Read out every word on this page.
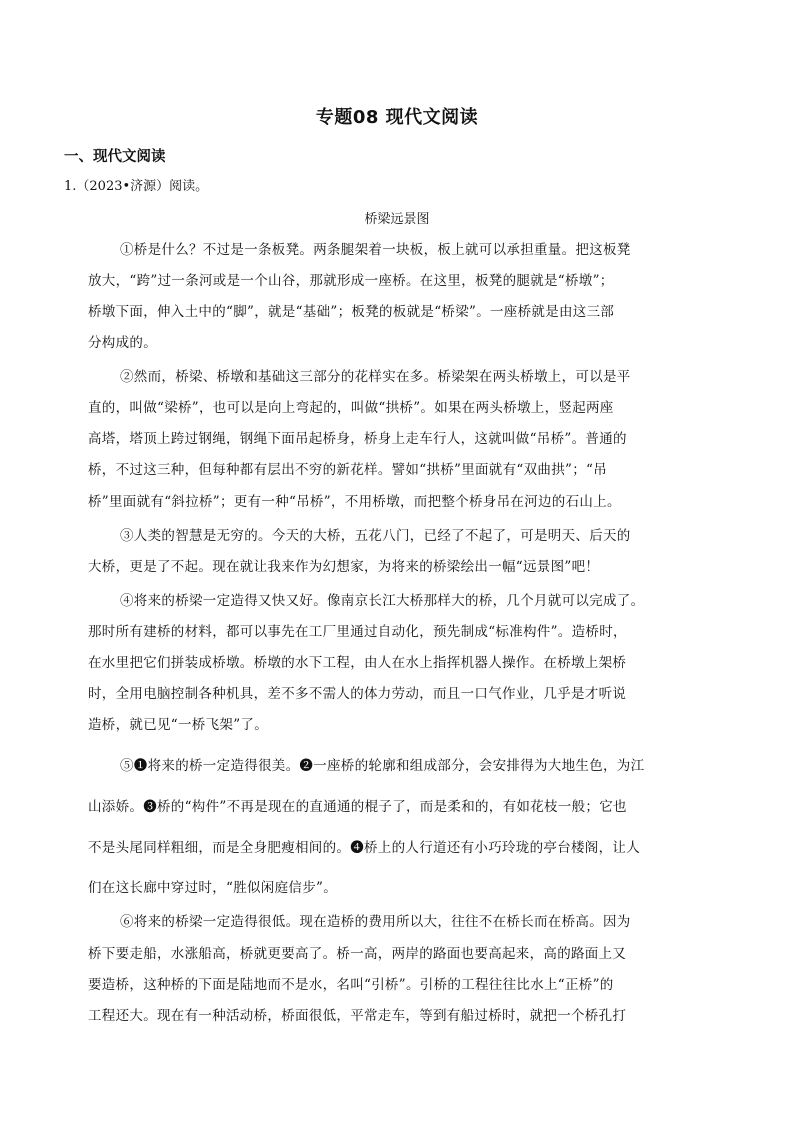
专题08 现代文阅读
一、现代文阅读
1.（2023•济源）阅读。
桥梁远景图
①桥是什么？不过是一条板凳。两条腿架着一块板，板上就可以承担重量。把这板凳
放大，“跨”过一条河或是一个山谷，那就形成一座桥。在这里，板凳的腿就是“桥墩”；
桥墩下面，伸入土中的“脚”，就是“基础”；板凳的板就是“桥梁”。一座桥就是由这三部
分构成的。
②然而，桥梁、桥墩和基础这三部分的花样实在多。桥梁架在两头桥墩上，可以是平
直的，叫做“梁桥”，也可以是向上弯起的，叫做“拱桥”。如果在两头桥墩上，竖起两座
高塔，塔顶上跨过钢绳，钢绳下面吊起桥身，桥身上走车行人，这就叫做“吊桥”。普通的
桥，不过这三种，但每种都有层出不穷的新花样。譬如“拱桥”里面就有“双曲拱”；“吊
桥”里面就有“斜拉桥”；更有一种“吊桥”，不用桥墩，而把整个桥身吊在河边的石山上。
③人类的智慧是无穷的。今天的大桥，五花八门，已经了不起了，可是明天、后天的
大桥，更是了不起。现在就让我来作为幻想家，为将来的桥梁绘出一幅“远景图”吧！
④将来的桥梁一定造得又快又好。像南京长江大桥那样大的桥，几个月就可以完成了。
那时所有建桥的材料，都可以事先在工厂里通过自动化，预先制成“标准构件”。造桥时，
在水里把它们拼装成桥墩。桥墩的水下工程，由人在水上指挥机器人操作。在桥墩上架桥
时，全用电脑控制各种机具，差不多不需人的体力劳动，而且一口气作业，几乎是才听说
造桥，就已见“一桥飞架”了。
⑤❶将来的桥一定造得很美。❷一座桥的轮廓和组成部分，会安排得为大地生色，为江
山添娇。❸桥的“构件”不再是现在的直通通的棍子了，而是柔和的，有如花枝一般；它也
不是头尾同样粗细，而是全身肥瘦相间的。❹桥上的人行道还有小巧玲珑的亭台楼阁，让人
们在这长廊中穿过时，“胜似闲庭信步”。
⑥将来的桥梁一定造得很低。现在造桥的费用所以大，往往不在桥长而在桥高。因为
桥下要走船，水涨船高，桥就更要高了。桥一高，两岸的路面也要高起来，高的路面上又
要造桥，这种桥的下面是陆地而不是水，名叫“引桥”。引桥的工程往往比水上“正桥”的
工程还大。现在有一种活动桥，桥面很低，平常走车，等到有船过桥时，就把一个桥孔打
